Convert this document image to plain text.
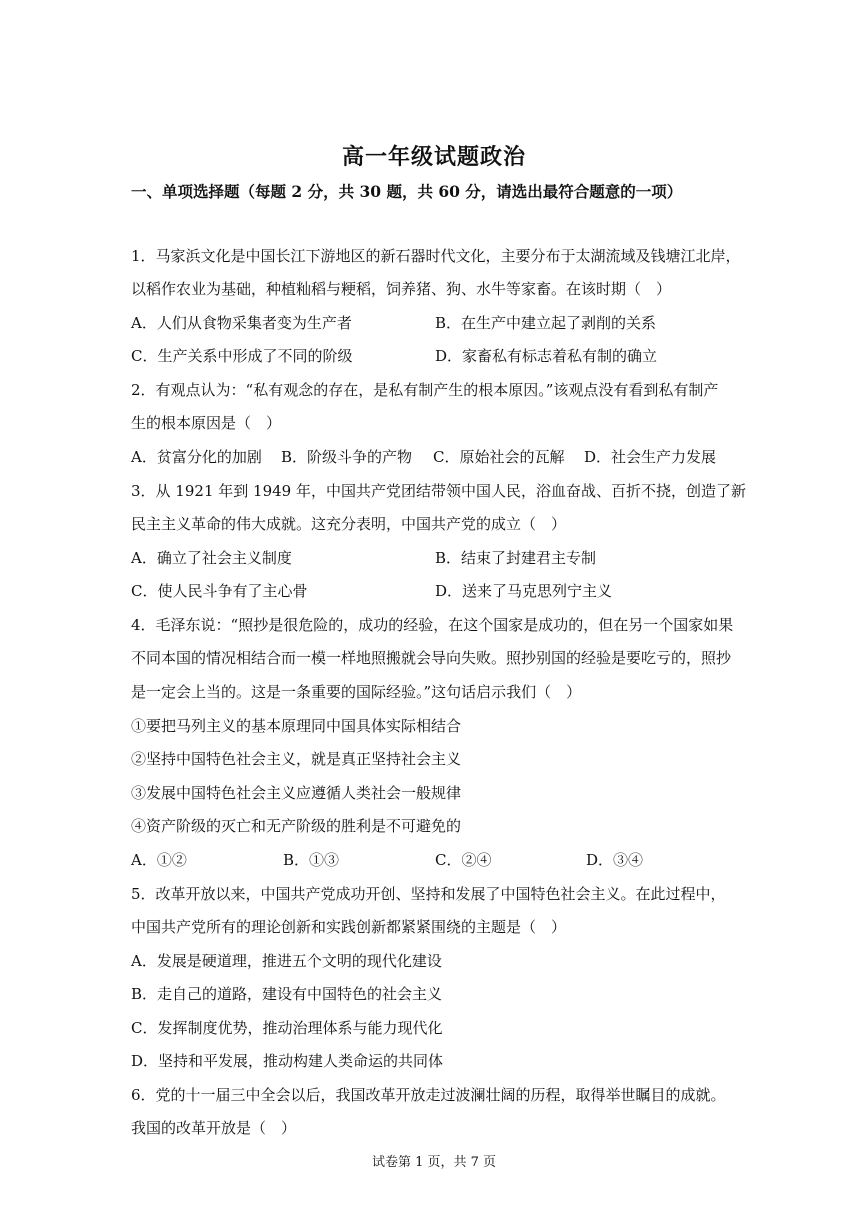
高一年级试题政治
一、单项选择题（每题 2 分，共 30 题，共 60 分，请选出最符合题意的一项）
1．马家浜文化是中国长江下游地区的新石器时代文化，主要分布于太湖流域及钱塘江北岸，
以稻作农业为基础，种植籼稻与粳稻，饲养猪、狗、水牛等家畜。在该时期（　）
A．人们从食物采集者变为生产者	B．在生产中建立起了剥削的关系
C．生产关系中形成了不同的阶级	D．家畜私有标志着私有制的确立
2．有观点认为：“私有观念的存在，是私有制产生的根本原因。”该观点没有看到私有制产
生的根本原因是（　）
A．贫富分化的加剧 B．阶级斗争的产物 C．原始社会的瓦解 D．社会生产力发展
3．从 1921 年到 1949 年，中国共产党团结带领中国人民，浴血奋战、百折不挠，创造了新
民主主义革命的伟大成就。这充分表明，中国共产党的成立（　）
A．确立了社会主义制度	B．结束了封建君主专制
C．使人民斗争有了主心骨	D．送来了马克思列宁主义
4．毛泽东说：“照抄是很危险的，成功的经验，在这个国家是成功的，但在另一个国家如果
不同本国的情况相结合而一模一样地照搬就会导向失败。照抄别国的经验是要吃亏的，照抄
是一定会上当的。这是一条重要的国际经验。”这句话启示我们（　）
①要把马列主义的基本原理同中国具体实际相结合
②坚持中国特色社会主义，就是真正坚持社会主义
③发展中国特色社会主义应遵循人类社会一般规律
④资产阶级的灭亡和无产阶级的胜利是不可避免的
A．①②	B．①③	C．②④	D．③④
5．改革开放以来，中国共产党成功开创、坚持和发展了中国特色社会主义。在此过程中，
中国共产党所有的理论创新和实践创新都紧紧围绕的主题是（　）
A．发展是硬道理，推进五个文明的现代化建设
B．走自己的道路，建设有中国特色的社会主义
C．发挥制度优势，推动治理体系与能力现代化
D．坚持和平发展，推动构建人类命运的共同体
6．党的十一届三中全会以后，我国改革开放走过波澜壮阔的历程，取得举世瞩目的成就。
我国的改革开放是（　）
试卷第 1 页，共 7 页
